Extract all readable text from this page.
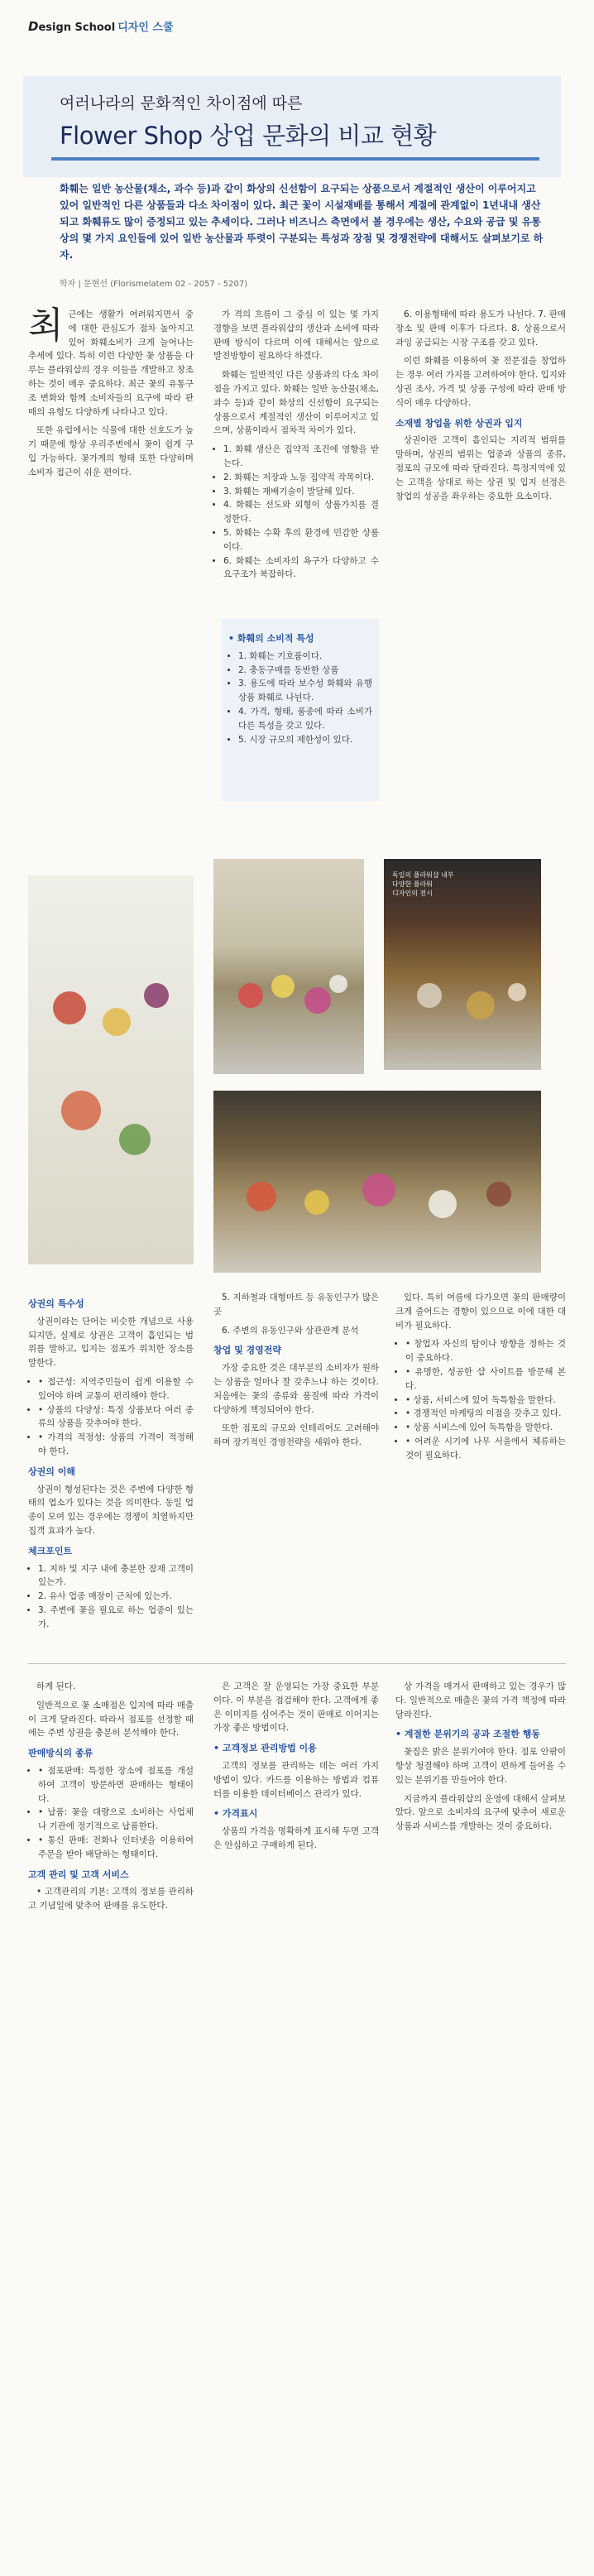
Design School 디자인 스쿨
여러나라의 문화적인 차이점에 따른
Flower Shop 상업 문화의 비교 현황
화훼는 일반 농산물(채소, 과수 등)과 같이 화상의 신선함이 요구되는 상품으로서 계절적인 생산이 이루어지고 있어 일반적인 다른 상품들과 다소 차이점이 있다. 최근 꽃이 시설재배를 통해서 계절에 관계없이 1년내내 생산되고 화훼류도 많이 증정되고 있는 추세이다. 그러나 비즈니스 측면에서 볼 경우에는 생산, 수요와 공급 및 유통상의 몇 가지 요인들에 있어 일반 농산물과 뚜렷이 구분되는 특성과 장점 및 경쟁전략에 대해서도 살펴보기로 하자.
학자 | 문현선 (Florismelatem 02 - 2057 - 5207)

최근에는 생활가 여려워지면서 중에 대한 관심도가 점차 높아지고 있어 화훼소비가 크게 늘어나는 추세에 있다. 특히 이런 다양한 꽃 상품을 다루는 플라워샵의 경우 이들을 개발하고 창조하는 것이 매우 중요하다. 최근 꽃의 유통구조 변화와 함께 소비자들의 요구에 따라 판매의 유형도 다양하게 나타나고 있다.

또한 유럽에서는 식물에 대한 선호도가 높기 때문에 항상 우리주변에서 꽃이 쉽게 구입 가능하다. 꽃가게의 형태 또한 다양하며 소비자 접근이 쉬운 편이다.

가 격의 흐름이 그 중심 이 있는 몇 가지 경향을 보면 플라워샵의 생산과 소비에 따라 판매 방식이 다르며 이에 대해서는 앞으로 발전방향이 필요하다 하겠다.

화훼는 일반적인 다른 상품과의 다소 차이점을 가지고 있다. 화훼는 일반 농산물(채소, 과수 등)과 같이 화상의 신선함이 요구되는 상품으로서 계절적인 생산이 이루어지고 있으며, 상품이라서 점차적 차이가 있다.

• 1. 화훼 생산은 집약적 조건에 영향을 받는다.
• 2. 화훼는 저장과 노동 집약적 작목이다.
• 3. 화훼는 재배기술이 발달해 있다.
• 4. 화훼는 선도와 외형이 상품가치를 결정한다.
• 5. 화훼는 수확 후의 환경에 민감한 상품이다.
• 6. 화훼는 소비자의 욕구가 다양하고 수요구조가 복잡하다.
• 화훼의 소비적 특성
• 1. 화훼는 기호품이다.
• 2. 충동구매를 동반한 상품
• 3. 용도에 따라 보수성 화훼와 유행상품 화훼로 나뉜다.
• 4. 가격, 형태, 품종에 따라 소비가 다른 특성을 갖고 있다.
• 5. 시장 규모의 제한성이 있다.

6. 이용형태에 따라 용도가 나뉜다. 7. 판매 장소 및 판매 이후가 다르다. 8. 상품으로서 과잉 공급되는 시장 구조를 갖고 있다.

이런 화훼를 이용하여 꽃 전문점을 창업하는 경우 여러 가지를 고려하여야 한다. 입지와 상권 조사, 가격 및 상품 구성에 따라 판매 방식이 매우 다양하다.

소재별 창업을 위한 상권과 입지

상권이란 고객이 흡인되는 지리적 범위를 말하며, 상권의 범위는 업종과 상품의 종류, 점포의 규모에 따라 달라진다. 특정지역에 있는 고객을 상대로 하는 상권 및 입지 선정은 창업의 성공을 좌우하는 중요한 요소이다.

독일의 플라워샵 내부
다양한 플라워
디자인의 전시
상권의 특수성

상권이라는 단어는 비슷한 개념으로 사용되지만, 실제로 상권은 고객이 흡인되는 범위를 말하고, 입지는 점포가 위치한 장소를 말한다.

• • 접근성: 지역주민들이 쉽게 이용할 수 있어야 하며 교통이 편리해야 한다.
• • 상품의 다양성: 특정 상품보다 여러 종류의 상품을 갖추어야 한다.
• • 가격의 적정성: 상품의 가격이 적정해야 한다.
상권의 이해

상권이 형성된다는 것은 주변에 다양한 형태의 업소가 있다는 것을 의미한다. 동일 업종이 모여 있는 경우에는 경쟁이 치열하지만 집객 효과가 높다.

체크포인트
• 1. 지하 및 지구 내에 충분한 잠재 고객이 있는가.
• 2. 유사 업종 매장이 근처에 있는가.
• 3. 주변에 꽃을 필요로 하는 업종이 있는가.

5. 지하철과 대형마트 등 유동인구가 많은 곳

6. 주변의 유동인구와 상관관계 분석

창업 및 경영전략

가장 중요한 것은 대부분의 소비자가 원하는 상품을 얼마나 잘 갖추느냐 하는 것이다. 처음에는 꽃의 종류와 품질에 따라 가격이 다양하게 책정되어야 한다.

또한 점포의 규모와 인테리어도 고려해야 하며 장기적인 경영전략을 세워야 한다.

있다. 특히 여름에 다가오면 꽃의 판매량이 크게 줄어드는 경향이 있으므로 이에 대한 대비가 필요하다.

• • 창업자 자신의 탐이나 방향을 정하는 것이 중요하다.
• • 유명한, 성공한 샵 사이트를 방문해 본다.
• • 상품, 서비스에 있어 독특함을 말한다.
• • 경쟁적인 마케팅의 이점을 갖추고 있다.
• • 상품 서비스에 있어 독특함을 말한다.
• • 어려운 시기에 나무 서울에서 체류하는 것이 필요하다.

하게 된다.

일반적으로 꽃 소매점은 입지에 따라 매출이 크게 달라진다. 따라서 점포를 선정할 때에는 주변 상권을 충분히 분석해야 한다.

판매방식의 종류
• • 점포판매: 특정한 장소에 점포를 개설하여 고객이 방문하면 판매하는 형태이다.
• • 납품: 꽃을 대량으로 소비하는 사업체나 기관에 정기적으로 납품한다.
• • 통신 판매: 전화나 인터넷을 이용하여 주문을 받아 배달하는 형태이다.
고객 관리 및 고객 서비스

• 고객관리의 기본: 고객의 정보를 관리하고 기념일에 맞추어 판매를 유도한다.

은 고객은 잘 운영되는 가장 중요한 부분이다. 이 부분을 점검해야 한다. 고객에게 좋은 이미지를 심어주는 것이 판매로 이어지는 가장 좋은 방법이다.

• 고객정보 관리방법 이용

고객의 정보를 관리하는 데는 여러 가지 방법이 있다. 카드를 이용하는 방법과 컴퓨터를 이용한 데이터베이스 관리가 있다.

• 가격표시

상품의 가격을 명확하게 표시해 두면 고객은 안심하고 구매하게 된다.

상 가격을 매겨서 판매하고 있는 경우가 많다. 일반적으로 매출은 꽃의 가격 책정에 따라 달라진다.

• 계절한 분위기의 공과 조절한 행동

꽃집은 밝은 분위기여야 한다. 점포 안팎이 항상 청결해야 하며 고객이 편하게 들어올 수 있는 분위기를 만들어야 한다.

지금까지 플라워샵의 운영에 대해서 살펴보았다. 앞으로 소비자의 요구에 맞추어 새로운 상품과 서비스를 개발하는 것이 중요하다.
